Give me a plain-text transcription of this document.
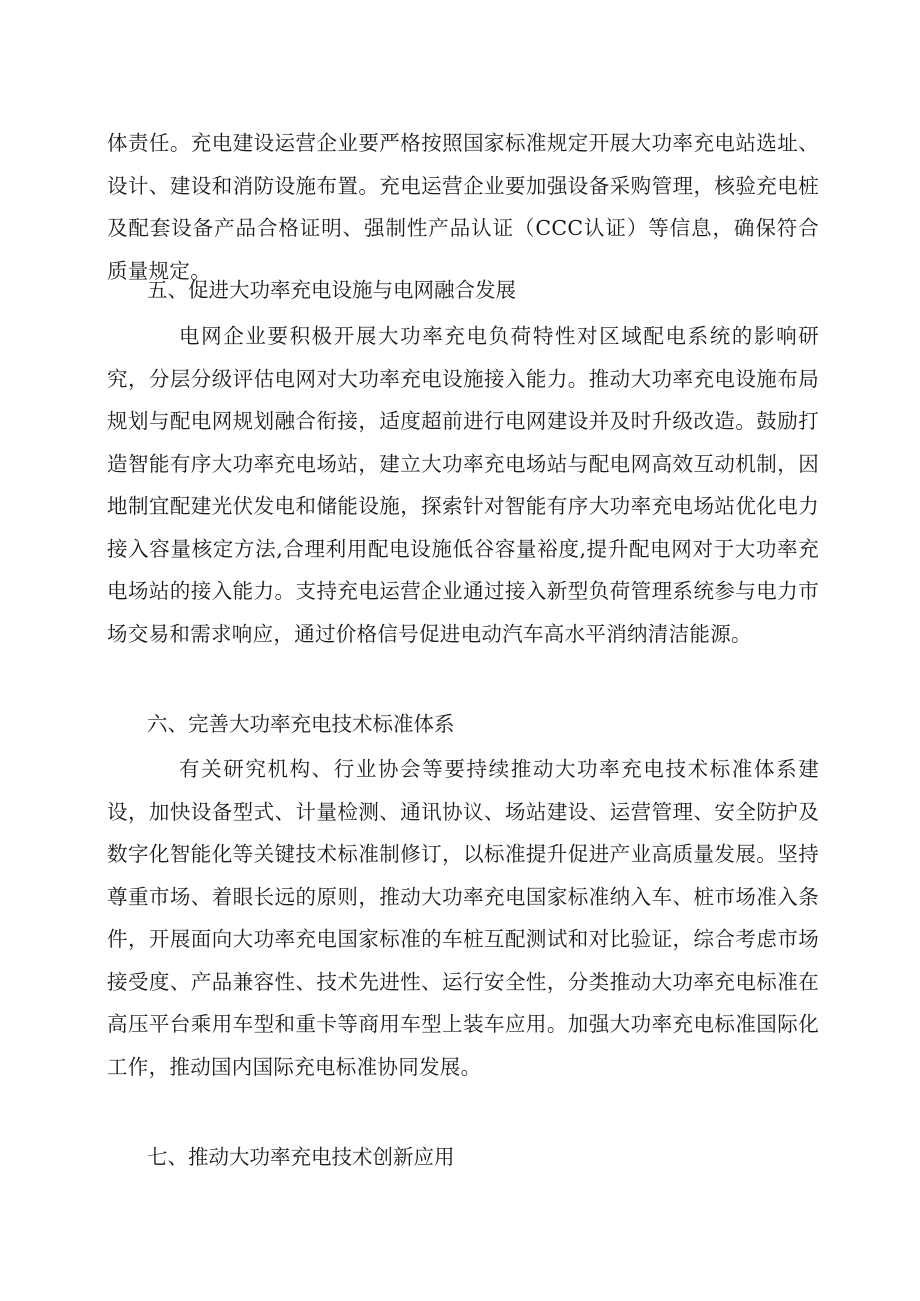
体责任。充电建设运营企业要严格按照国家标准规定开展大功率充电站选址、设计、建设和消防设施布置。充电运营企业要加强设备采购管理，核验充电桩及配套设备产品合格证明、强制性产品认证（CCC认证）等信息，确保符合质量规定。
五、促进大功率充电设施与电网融合发展
电网企业要积极开展大功率充电负荷特性对区域配电系统的影响研究，分层分级评估电网对大功率充电设施接入能力。推动大功率充电设施布局规划与配电网规划融合衔接，适度超前进行电网建设并及时升级改造。鼓励打造智能有序大功率充电场站，建立大功率充电场站与配电网高效互动机制，因地制宜配建光伏发电和储能设施，探索针对智能有序大功率充电场站优化电力接入容量核定方法,合理利用配电设施低谷容量裕度,提升配电网对于大功率充电场站的接入能力。支持充电运营企业通过接入新型负荷管理系统参与电力市场交易和需求响应，通过价格信号促进电动汽车高水平消纳清洁能源。
六、完善大功率充电技术标准体系
有关研究机构、行业协会等要持续推动大功率充电技术标准体系建设，加快设备型式、计量检测、通讯协议、场站建设、运营管理、安全防护及数字化智能化等关键技术标准制修订，以标准提升促进产业高质量发展。坚持尊重市场、着眼长远的原则，推动大功率充电国家标准纳入车、桩市场准入条件，开展面向大功率充电国家标准的车桩互配测试和对比验证，综合考虑市场接受度、产品兼容性、技术先进性、运行安全性，分类推动大功率充电标准在高压平台乘用车型和重卡等商用车型上装车应用。加强大功率充电标准国际化工作，推动国内国际充电标准协同发展。
七、推动大功率充电技术创新应用
